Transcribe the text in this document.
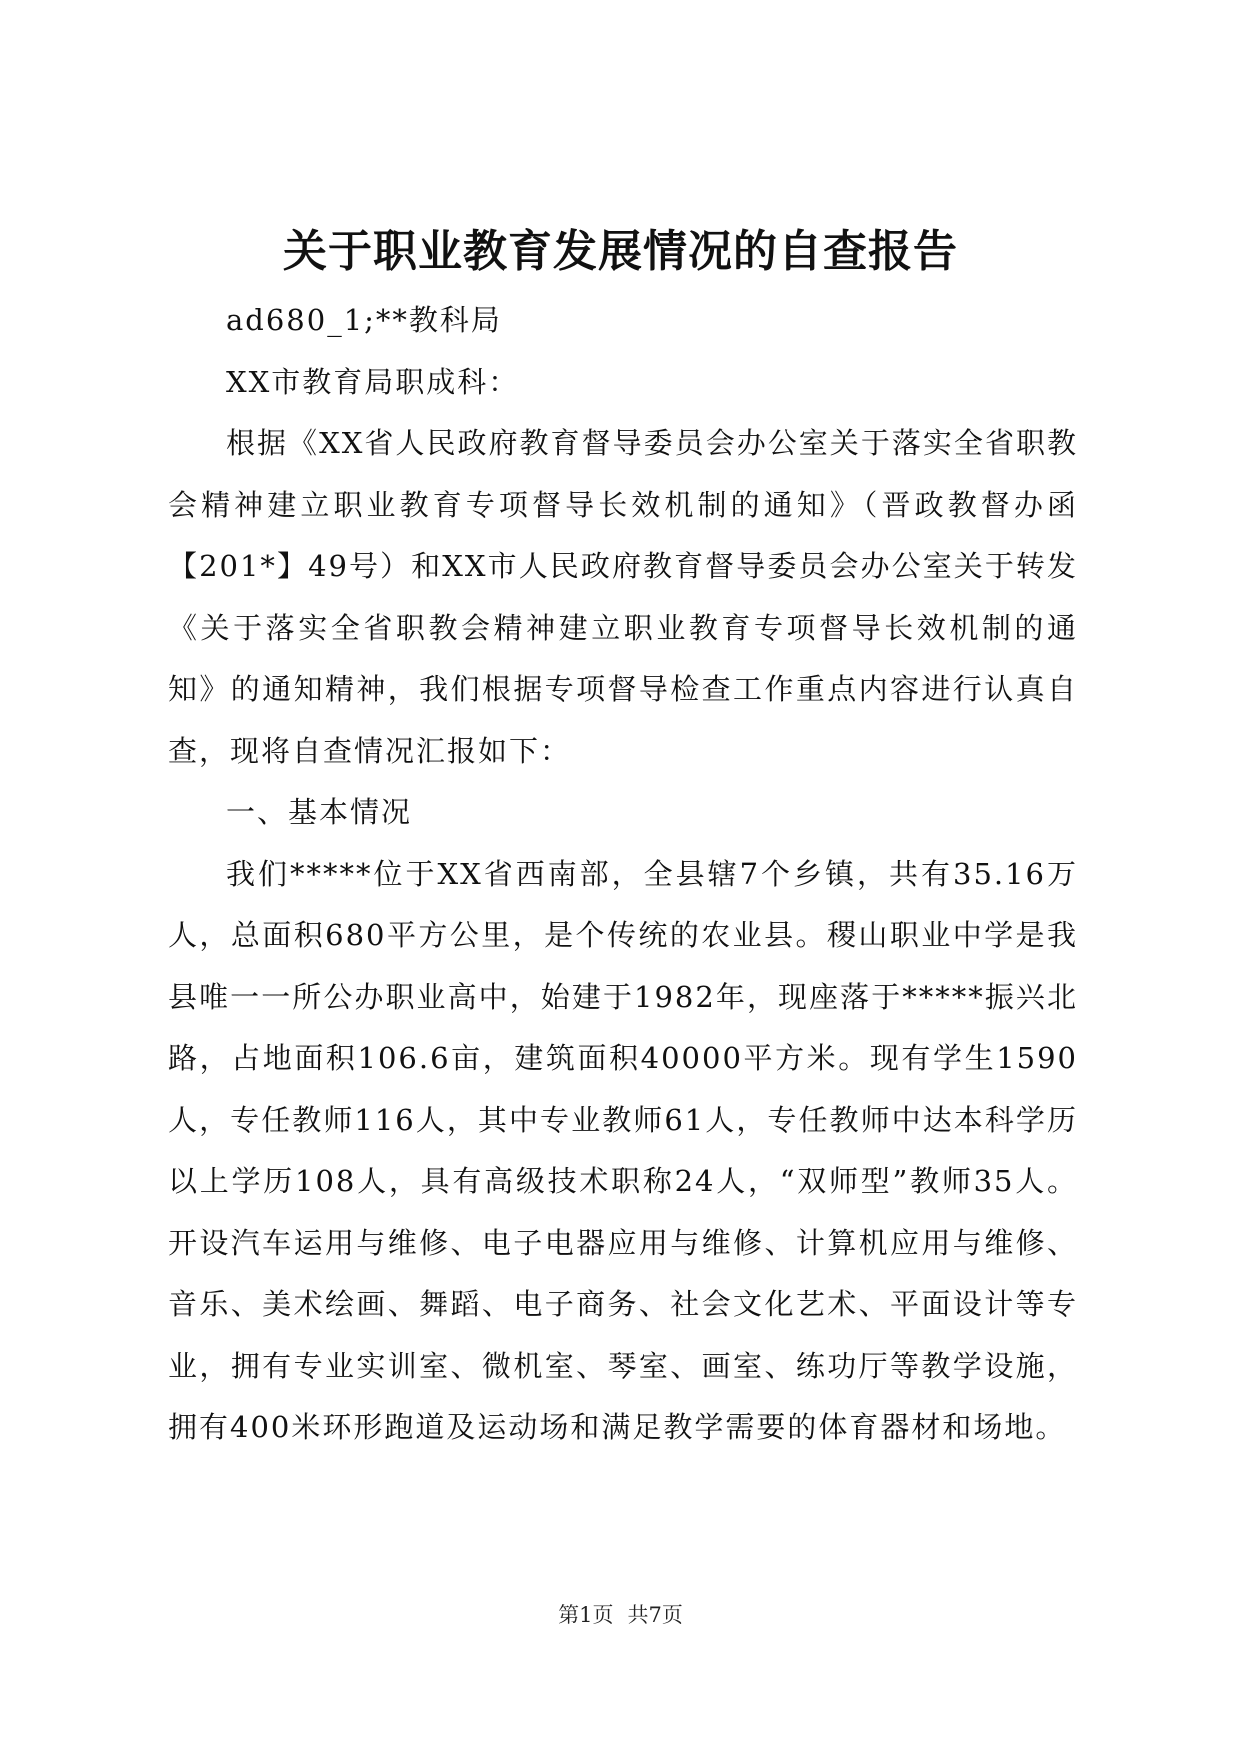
关于职业教育发展情况的自查报告

ad680_1;**教科局

XX市教育局职成科：

根据《XX省人民政府教育督导委员会办公室关于落实全省职教会精神建立职业教育专项督导长效机制的通知》（晋政教督办函【201*】49号）和XX市人民政府教育督导委员会办公室关于转发《关于落实全省职教会精神建立职业教育专项督导长效机制的通知》的通知精神，我们根据专项督导检查工作重点内容进行认真自查，现将自查情况汇报如下：

一、基本情况

我们*****位于XX省西南部，全县辖7个乡镇，共有35.16万人，总面积680平方公里，是个传统的农业县。稷山职业中学是我县唯一一所公办职业高中，始建于1982年，现座落于*****振兴北路，占地面积106.6亩，建筑面积40000平方米。现有学生1590人，专任教师116人，其中专业教师61人，专任教师中达本科学历以上学历108人，具有高级技术职称24人，“双师型”教师35人。开设汽车运用与维修、电子电器应用与维修、计算机应用与维修、音乐、美术绘画、舞蹈、电子商务、社会文化艺术、平面设计等专业，拥有专业实训室、微机室、琴室、画室、练功厅等教学设施，拥有400米环形跑道及运动场和满足教学需要的体育器材和场地。

第1页 共7页
